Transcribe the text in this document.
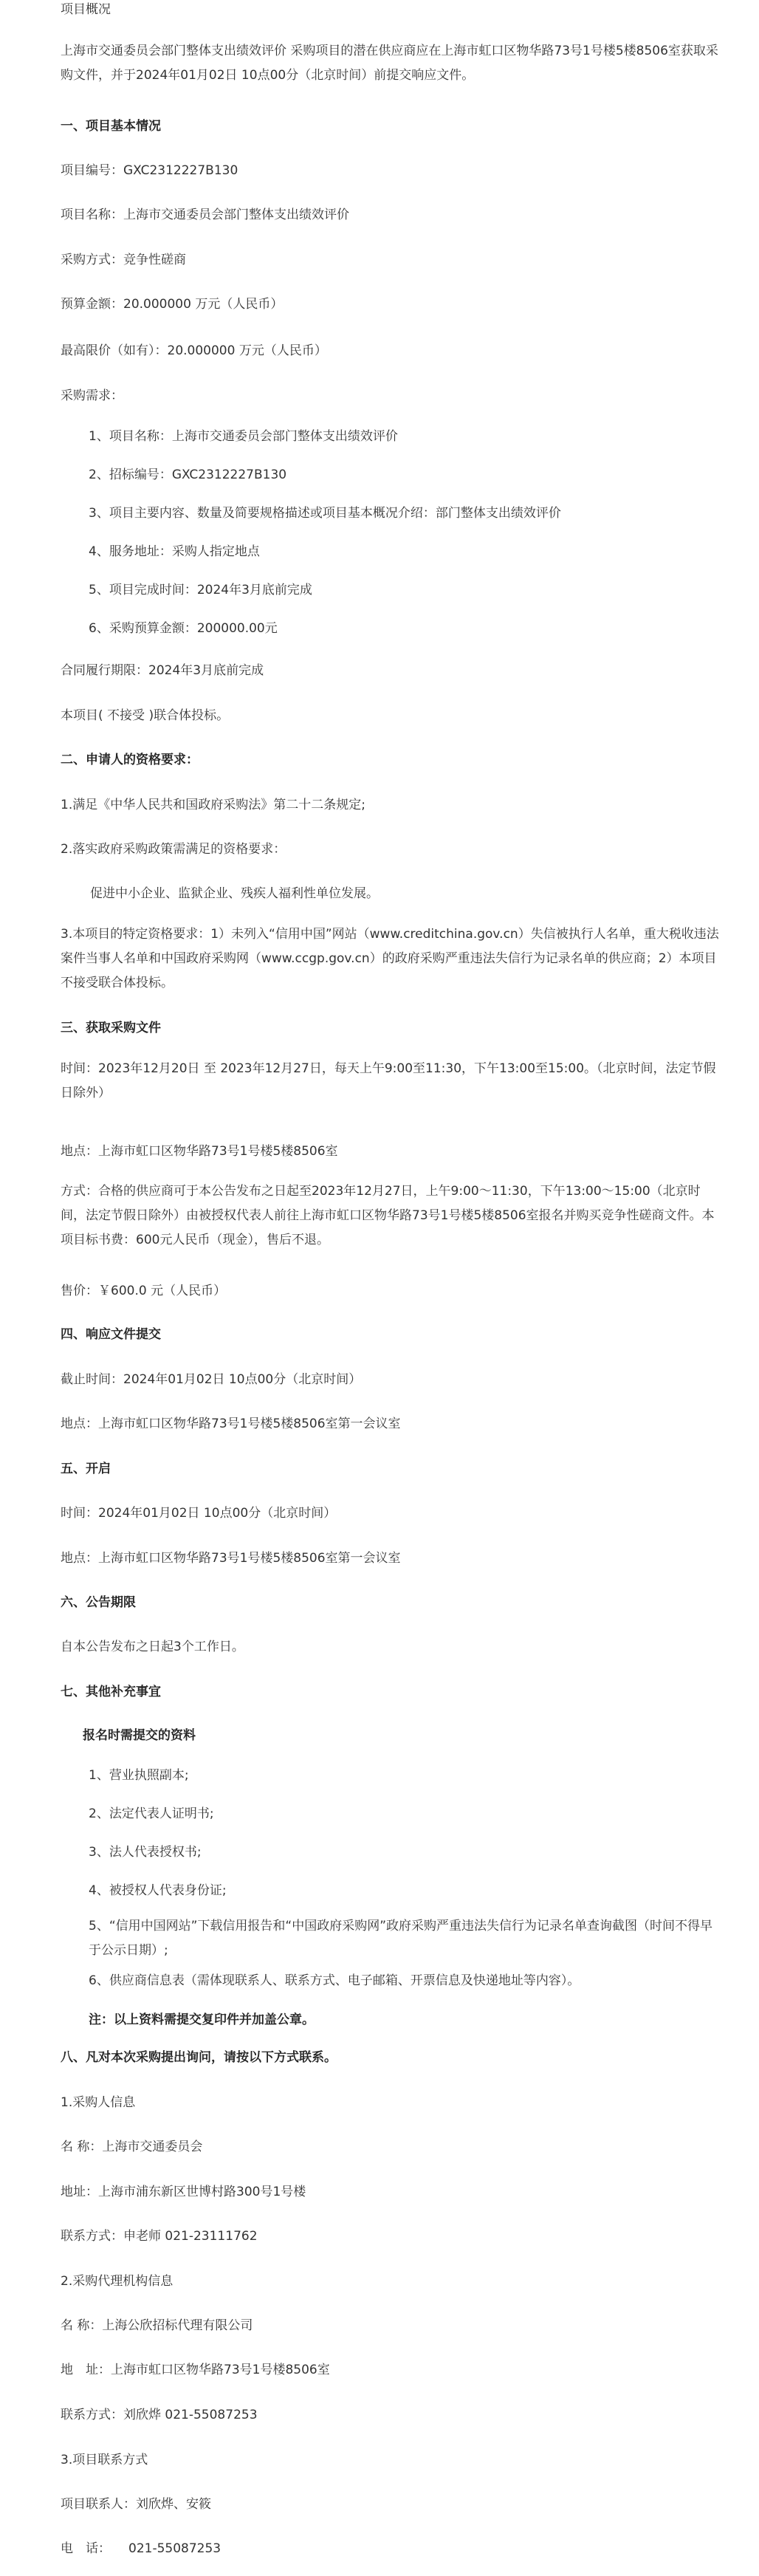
项目概况

上海市交通委员会部门整体支出绩效评价 采购项目的潜在供应商应在上海市虹口区物华路73号1号楼5楼8506室获取采购文件，并于2024年01月02日 10点00分（北京时间）前提交响应文件。

一、项目基本情况

项目编号：GXC2312227B130

项目名称：上海市交通委员会部门整体支出绩效评价

采购方式：竞争性磋商

预算金额：20.000000 万元（人民币）

最高限价（如有）：20.000000 万元（人民币）

采购需求：

1、项目名称：上海市交通委员会部门整体支出绩效评价

2、招标编号：GXC2312227B130

3、项目主要内容、数量及简要规格描述或项目基本概况介绍：部门整体支出绩效评价

4、服务地址：采购人指定地点

5、项目完成时间：2024年3月底前完成

6、采购预算金额：200000.00元

合同履行期限：2024年3月底前完成

本项目( 不接受 )联合体投标。

二、申请人的资格要求：

1.满足《中华人民共和国政府采购法》第二十二条规定;

2.落实政府采购政策需满足的资格要求：

促进中小企业、监狱企业、残疾人福利性单位发展。

3.本项目的特定资格要求：1）未列入“信用中国”网站（www.creditchina.gov.cn）失信被执行人名单，重大税收违法案件当事人名单和中国政府采购网（www.ccgp.gov.cn）的政府采购严重违法失信行为记录名单的供应商；2）本项目不接受联合体投标。

三、获取采购文件

时间：2023年12月20日 至 2023年12月27日，每天上午9:00至11:30，下午13:00至15:00。（北京时间，法定节假日除外）

地点：上海市虹口区物华路73号1号楼5楼8506室

方式：合格的供应商可于本公告发布之日起至2023年12月27日，上午9:00～11:30，下午13:00～15:00（北京时间，法定节假日除外）由被授权代表人前往上海市虹口区物华路73号1号楼5楼8506室报名并购买竞争性磋商文件。本项目标书费：600元人民币（现金），售后不退。

售价：￥600.0 元（人民币）

四、响应文件提交

截止时间：2024年01月02日 10点00分（北京时间）

地点：上海市虹口区物华路73号1号楼5楼8506室第一会议室

五、开启

时间：2024年01月02日 10点00分（北京时间）

地点：上海市虹口区物华路73号1号楼5楼8506室第一会议室

六、公告期限

自本公告发布之日起3个工作日。

七、其他补充事宜

报名时需提交的资料

1、营业执照副本;

2、法定代表人证明书;

3、法人代表授权书;

4、被授权人代表身份证;

5、“信用中国网站”下载信用报告和“中国政府采购网”政府采购严重违法失信行为记录名单查询截图（时间不得早于公示日期）;

6、供应商信息表（需体现联系人、联系方式、电子邮箱、开票信息及快递地址等内容）。

注：以上资料需提交复印件并加盖公章。

八、凡对本次采购提出询问，请按以下方式联系。

1.采购人信息

名 称：上海市交通委员会

地址：上海市浦东新区世博村路300号1号楼

联系方式：申老师 021-23111762

2.采购代理机构信息

名 称：上海公欣招标代理有限公司

地　址：上海市虹口区物华路73号1号楼8506室

联系方式：刘欣烨 021-55087253

3.项目联系方式

项目联系人：刘欣烨、安筱

电　话： 021-55087253
